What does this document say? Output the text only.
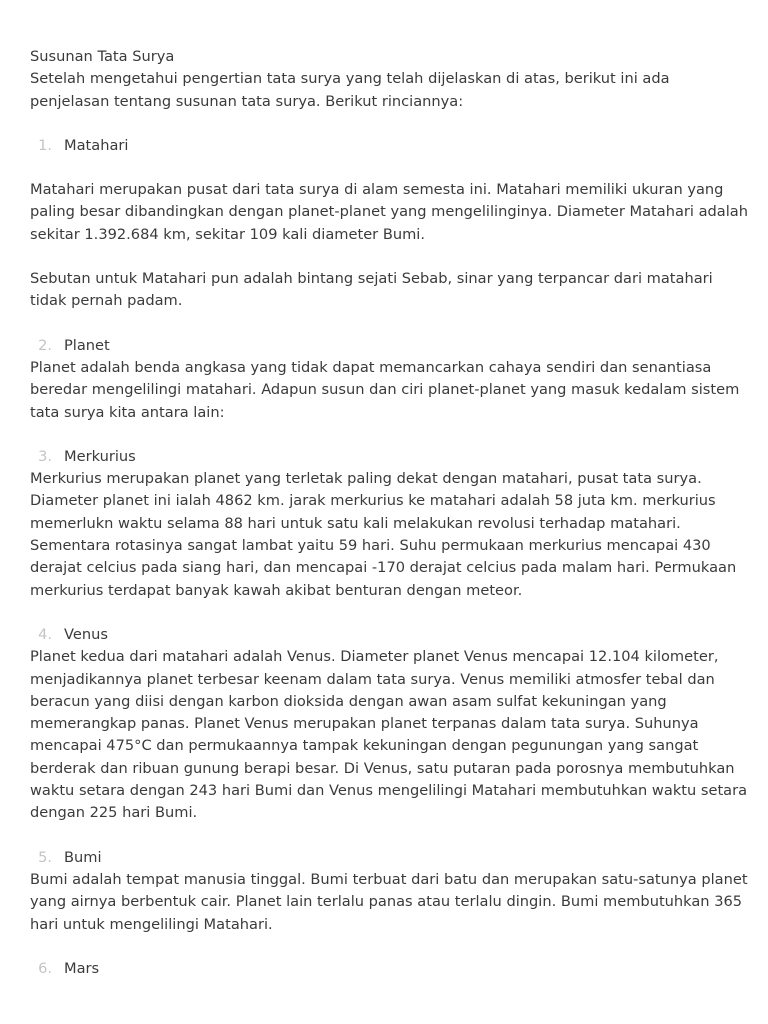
Susunan Tata Surya

Setelah mengetahui pengertian tata surya yang telah dijelaskan di atas, berikut ini ada penjelasan tentang susunan tata surya. Berikut rinciannya:

1. Matahari

Matahari merupakan pusat dari tata surya di alam semesta ini. Matahari memiliki ukuran yang paling besar dibandingkan dengan planet-planet yang mengelilinginya. Diameter Matahari adalah sekitar 1.392.684 km, sekitar 109 kali diameter Bumi.

Sebutan untuk Matahari pun adalah bintang sejati Sebab, sinar yang terpancar dari matahari tidak pernah padam.

2. Planet

Planet adalah benda angkasa yang tidak dapat memancarkan cahaya sendiri dan senantiasa beredar mengelilingi matahari. Adapun susun dan ciri planet-planet yang masuk kedalam sistem tata surya kita antara lain:

3. Merkurius

Merkurius merupakan planet yang terletak paling dekat dengan matahari, pusat tata surya. Diameter planet ini ialah 4862 km. jarak merkurius ke matahari adalah 58 juta km. merkurius memerlukn waktu selama 88 hari untuk satu kali melakukan revolusi terhadap matahari. Sementara rotasinya sangat lambat yaitu 59 hari. Suhu permukaan merkurius mencapai 430 derajat celcius pada siang hari, dan mencapai -170 derajat celcius pada malam hari. Permukaan merkurius terdapat banyak kawah akibat benturan dengan meteor.

4. Venus

Planet kedua dari matahari adalah Venus. Diameter planet Venus mencapai 12.104 kilometer, menjadikannya planet terbesar keenam dalam tata surya. Venus memiliki atmosfer tebal dan beracun yang diisi dengan karbon dioksida dengan awan asam sulfat kekuningan yang memerangkap panas. Planet Venus merupakan planet terpanas dalam tata surya. Suhunya mencapai 475°C dan permukaannya tampak kekuningan dengan pegunungan yang sangat berderak dan ribuan gunung berapi besar. Di Venus, satu putaran pada porosnya membutuhkan waktu setara dengan 243 hari Bumi dan Venus mengelilingi Matahari membutuhkan waktu setara dengan 225 hari Bumi.

5. Bumi

Bumi adalah tempat manusia tinggal. Bumi terbuat dari batu dan merupakan satu-satunya planet yang airnya berbentuk cair. Planet lain terlalu panas atau terlalu dingin. Bumi membutuhkan 365 hari untuk mengelilingi Matahari.

6. Mars
